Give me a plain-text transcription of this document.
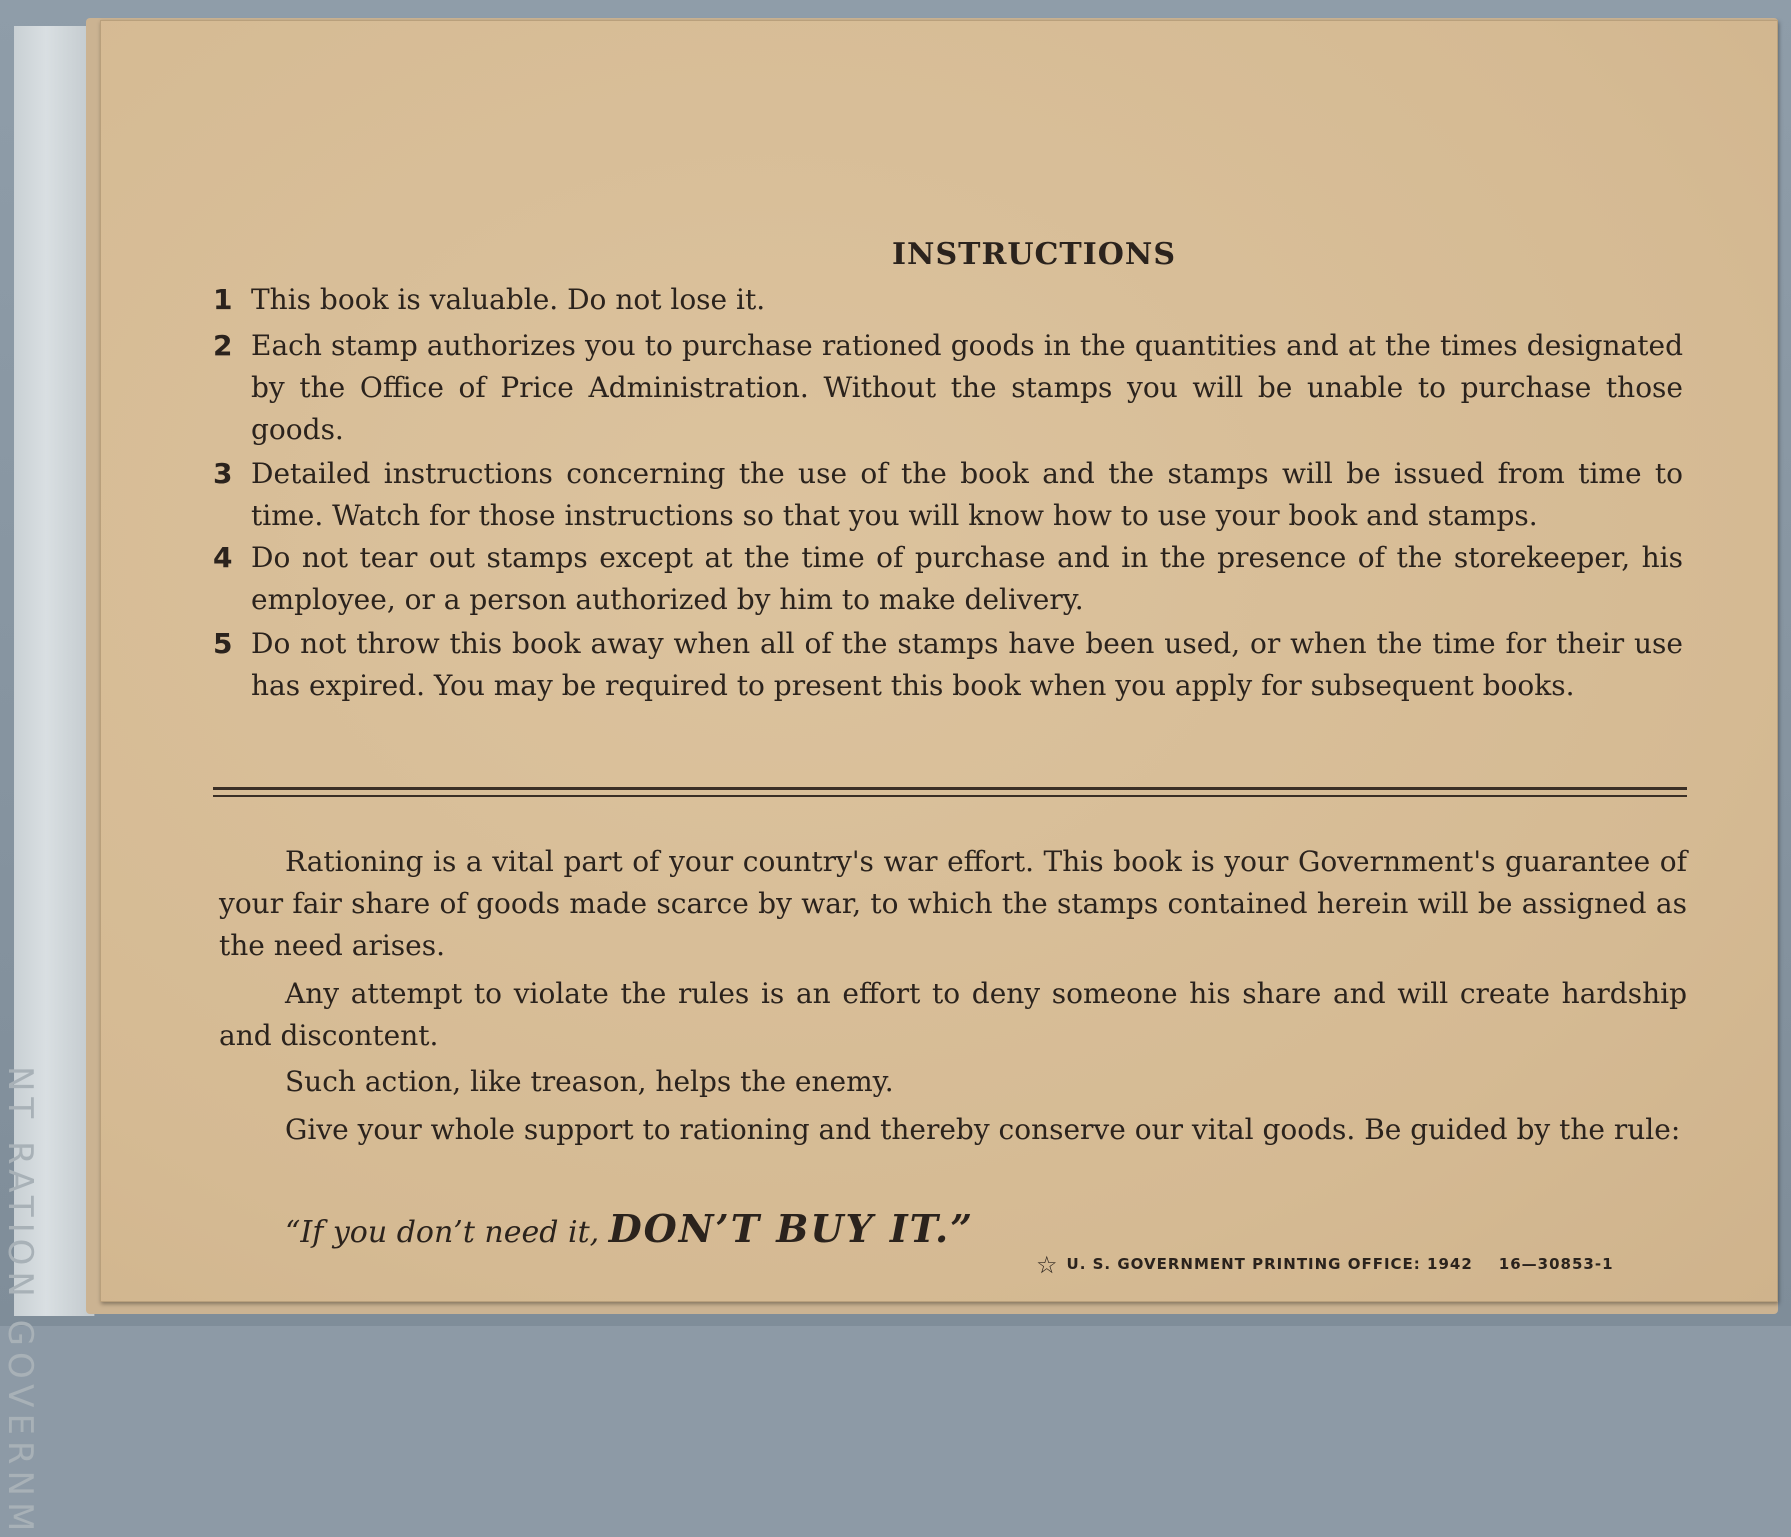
NT RATION GOVERNM
INSTRUCTIONS
1 This book is valuable. Do not lose it.
2 Each stamp authorizes you to purchase rationed goods in the quantities and at the times designated by the Office of Price Administration. Without the stamps you will be unable to purchase those goods.
3 Detailed instructions concerning the use of the book and the stamps will be issued from time to time. Watch for those instructions so that you will know how to use your book and stamps.
4 Do not tear out stamps except at the time of purchase and in the presence of the storekeeper, his employee, or a person authorized by him to make delivery.
5 Do not throw this book away when all of the stamps have been used, or when the time for their use has expired. You may be required to present this book when you apply for subsequent books.
Rationing is a vital part of your country's war effort. This book is your Government's guarantee of your fair share of goods made scarce by war, to which the stamps contained herein will be assigned as the need arises.
Any attempt to violate the rules is an effort to deny someone his share and will create hardship and discontent.
Such action, like treason, helps the enemy.
Give your whole support to rationing and thereby conserve our vital goods. Be guided by the rule:
“If you don’t need it, DON’T BUY IT.”
☆ U. S. GOVERNMENT PRINTING OFFICE: 1942 16—30853-1
